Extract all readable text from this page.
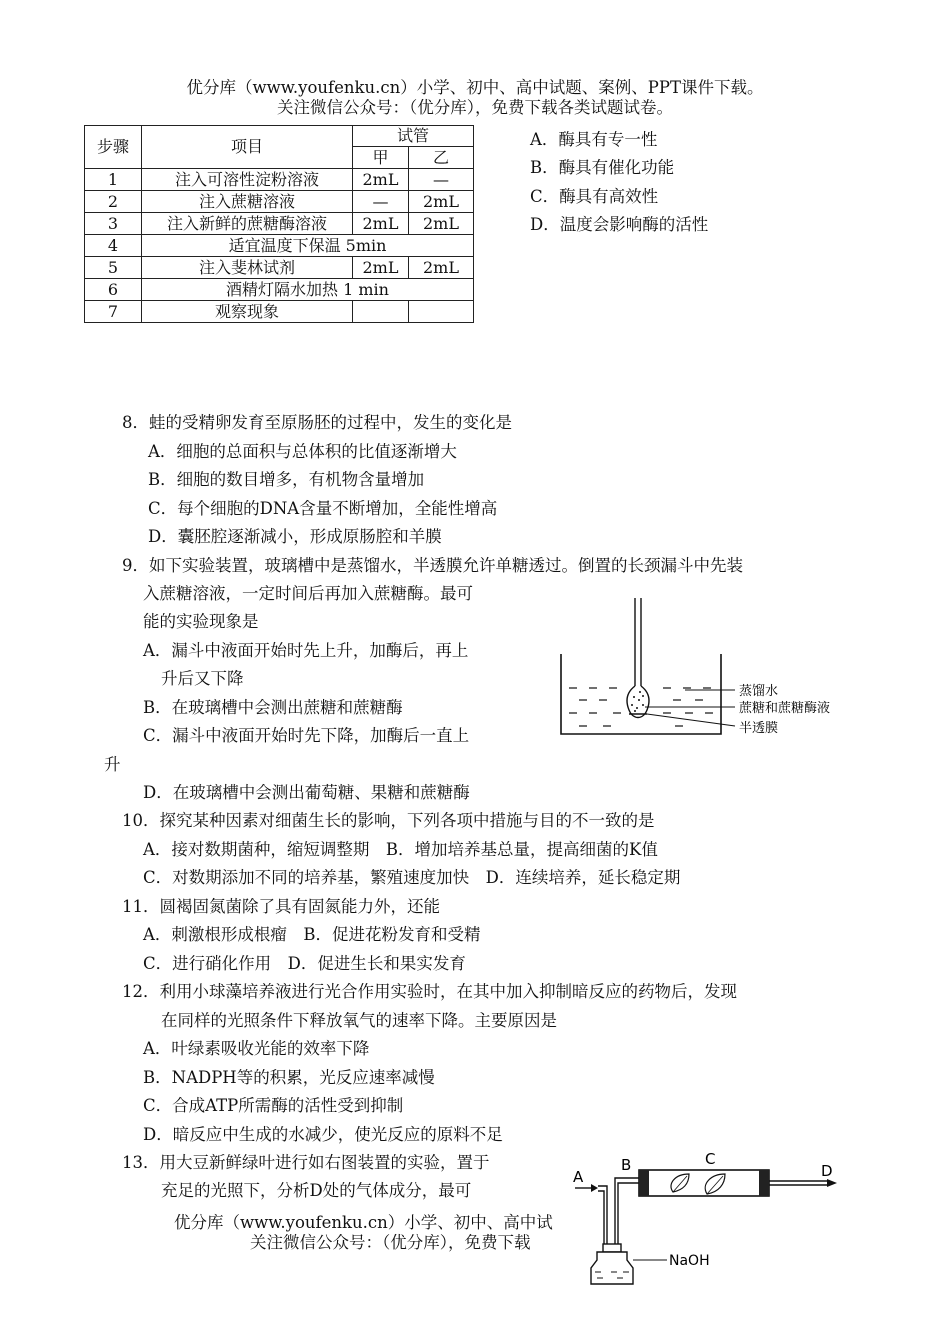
优分库（www.youfenku.cn）小学、初中、高中试题、案例、PPT课件下载。
关注微信公众号：（优分库），免费下载各类试题试卷。
步骤	项目	试管	
		甲	乙
1	注入可溶性淀粉溶液	2mL	—
2	注入蔗糖溶液	—	2mL
3	注入新鲜的蔗糖酶溶液	2mL	2mL
4	适宜温度下保温 5min		
5	注入斐林试剂	2mL	2mL
6	酒精灯隔水加热 1 min		
7	观察现象		
A．酶具有专一性
B．酶具有催化功能
C．酶具有高效性
D．温度会影响酶的活性
8．蛙的受精卵发育至原肠胚的过程中，发生的变化是
A．细胞的总面积与总体积的比值逐渐增大
B．细胞的数目增多，有机物含量增加
C．每个细胞的DNA含量不断增加，全能性增高
D．囊胚腔逐渐减小，形成原肠腔和羊膜
9．如下实验装置，玻璃槽中是蒸馏水，半透膜允许单糖透过。倒置的长颈漏斗中先装
入蔗糖溶液，一定时间后再加入蔗糖酶。最可
能的实验现象是
A．漏斗中液面开始时先上升，加酶后，再上
升后又下降
B．在玻璃槽中会测出蔗糖和蔗糖酶
C．漏斗中液面开始时先下降，加酶后一直上
升
D．在玻璃槽中会测出葡萄糖、果糖和蔗糖酶
蒸馏水
蔗糖和蔗糖酶液
半透膜
10．探究某种因素对细菌生长的影响，下列各项中措施与目的不一致的是
A．接对数期菌种，缩短调整期　B．增加培养基总量，提高细菌的K值
C．对数期添加不同的培养基，繁殖速度加快　D．连续培养，延长稳定期
11．圆褐固氮菌除了具有固氮能力外，还能
A．刺激根形成根瘤　B．促进花粉发育和受精
C．进行硝化作用　D．促进生长和果实发育
12．利用小球藻培养液进行光合作用实验时，在其中加入抑制暗反应的药物后，发现
在同样的光照条件下释放氧气的速率下降。主要原因是
A．叶绿素吸收光能的效率下降
B．NADPH等的积累，光反应速率减慢
C．合成ATP所需酶的活性受到抑制
D．暗反应中生成的水减少，使光反应的原料不足
13．用大豆新鲜绿叶进行如右图装置的实验，置于
充足的光照下，分析D处的气体成分，最可
A
B	C
D
NaOH
优分库（www.youfenku.cn）小学、初中、高中试
关注微信公众号：（优分库），免费下载
